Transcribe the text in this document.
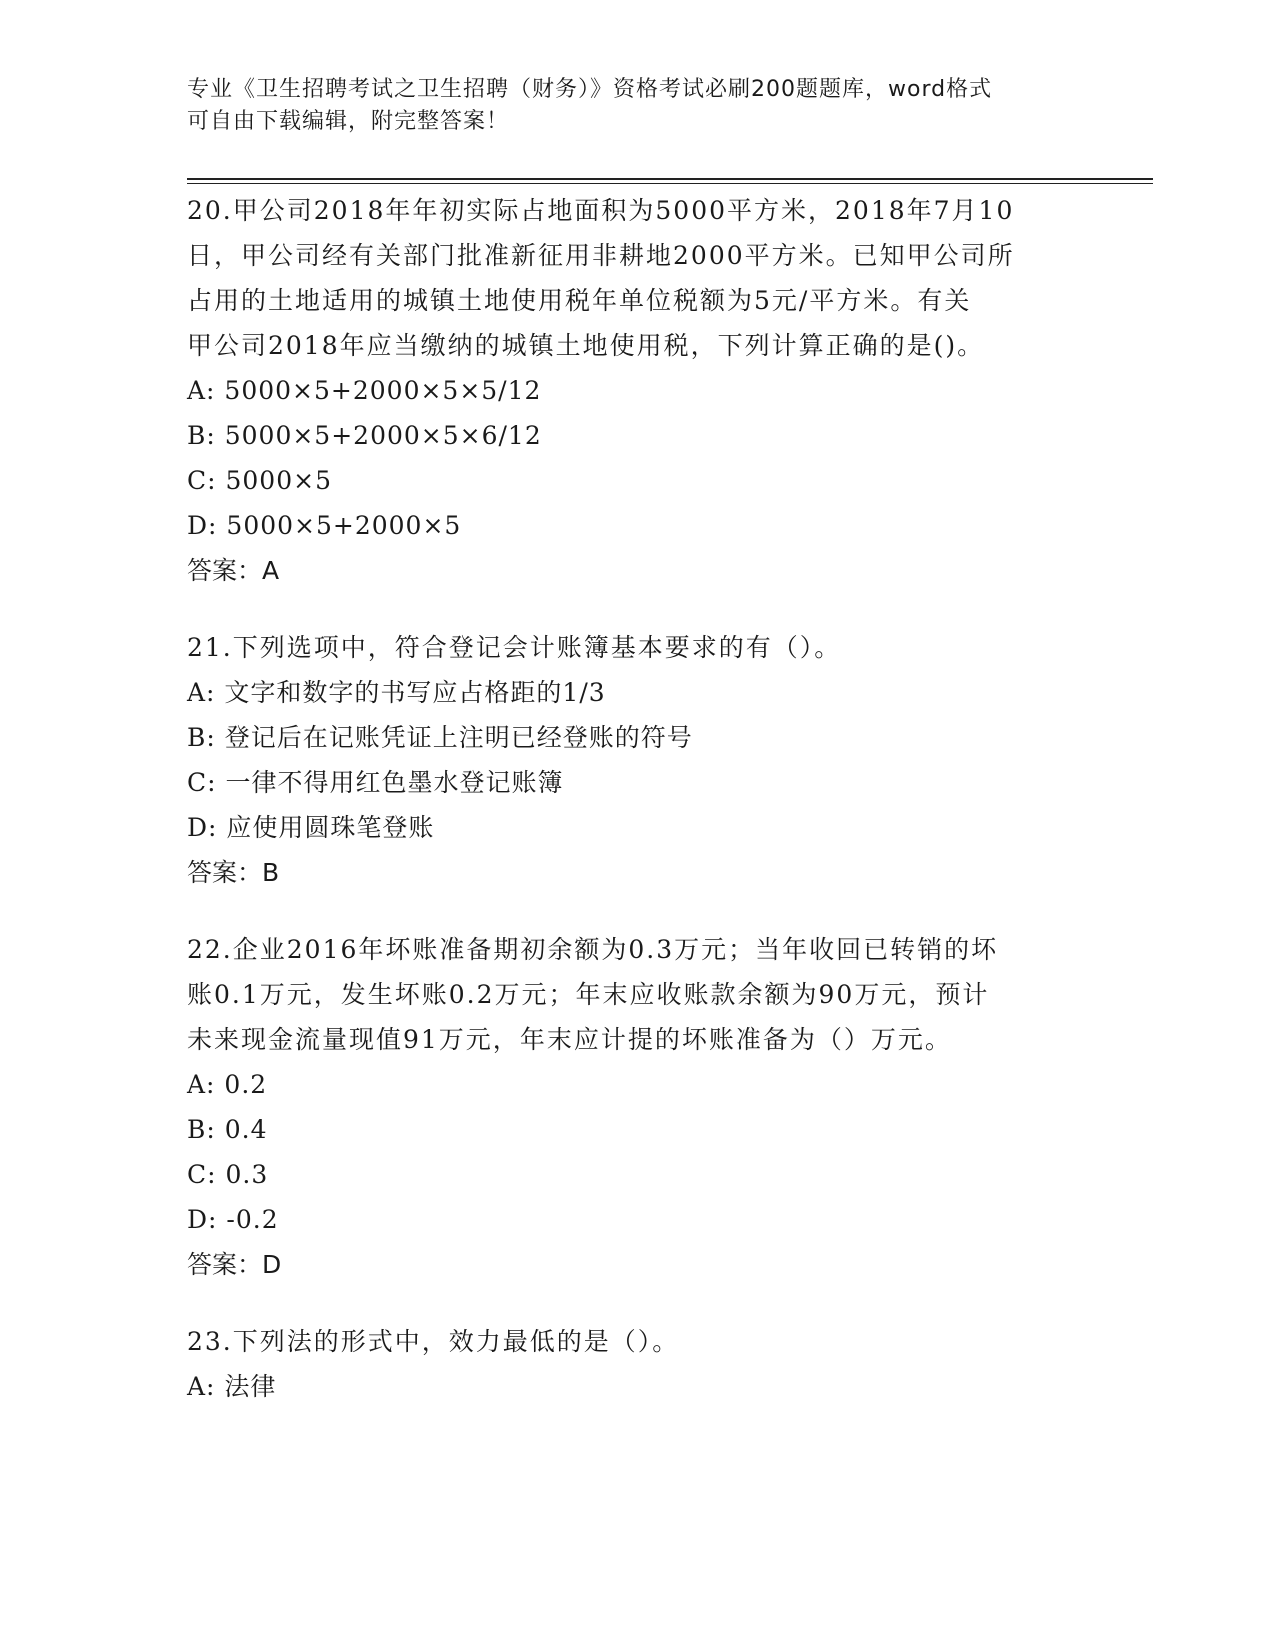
专业《卫生招聘考试之卫生招聘（财务）》资格考试必刷200题题库，word格式
可自由下载编辑，附完整答案！

20.甲公司2018年年初实际占地面积为5000平方米，2018年7月10

日，甲公司经有关部门批准新征用非耕地2000平方米。已知甲公司所

占用的土地适用的城镇土地使用税年单位税额为5元/平方米。有关

甲公司2018年应当缴纳的城镇土地使用税，下列计算正确的是()。

A: 5000×5+2000×5×5/12

B: 5000×5+2000×5×6/12

C: 5000×5

D: 5000×5+2000×5

答案：A

21.下列选项中，符合登记会计账簿基本要求的有（）。

A: 文字和数字的书写应占格距的1/3

B: 登记后在记账凭证上注明已经登账的符号

C: 一律不得用红色墨水登记账簿

D: 应使用圆珠笔登账

答案：B

22.企业2016年坏账准备期初余额为0.3万元；当年收回已转销的坏

账0.1万元，发生坏账0.2万元；年末应收账款余额为90万元，预计

未来现金流量现值91万元，年末应计提的坏账准备为（）万元。

A: 0.2

B: 0.4

C: 0.3

D: -0.2

答案：D

23.下列法的形式中，效力最低的是（）。

A: 法律
